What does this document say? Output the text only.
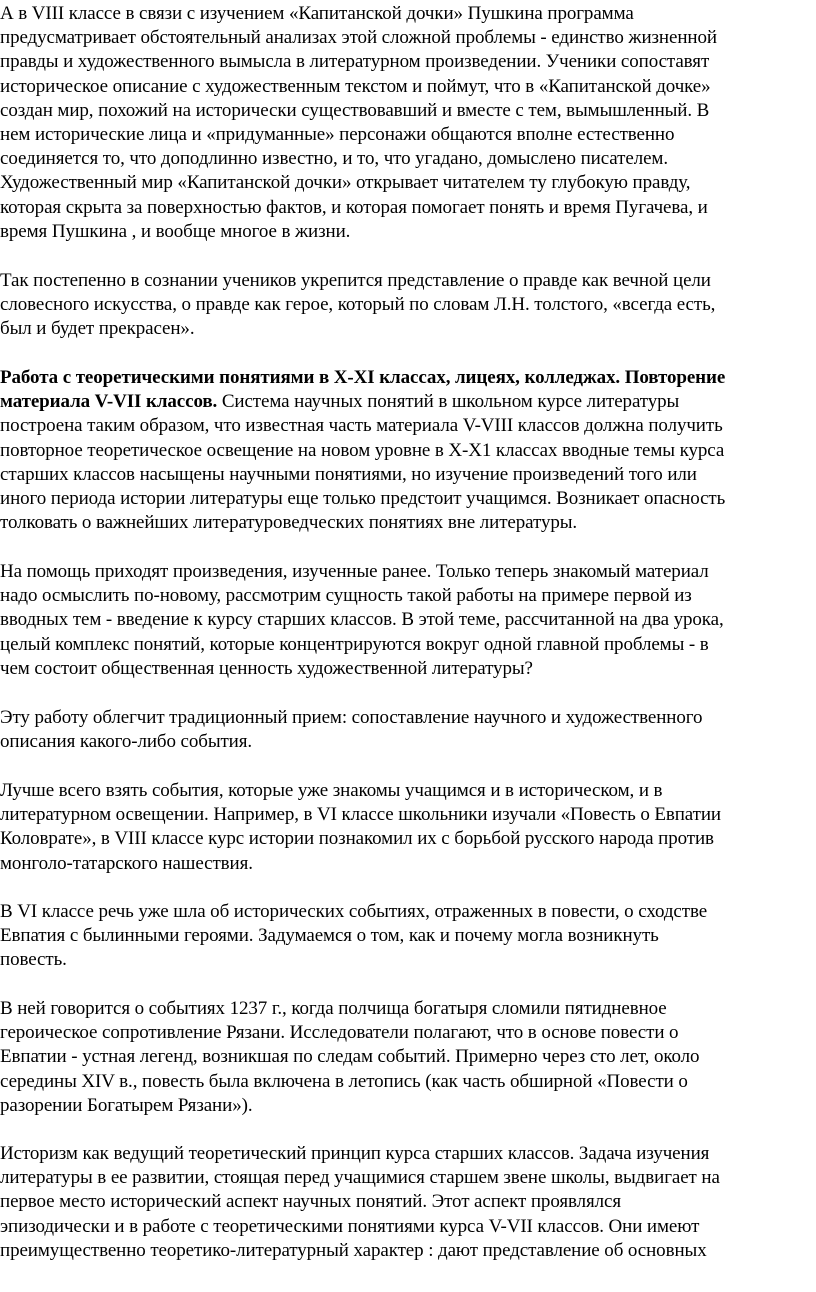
А в VIII классе в связи с изучением «Капитанской дочки» Пушкина программа
предусматривает обстоятельный анализах этой сложной проблемы - единство жизненной
правды и художественного вымысла в литературном произведении. Ученики сопоставят
историческое описание с художественным текстом и поймут, что в «Капитанской дочке»
создан мир, похожий на исторически существовавший и вместе с тем, вымышленный. В
нем исторические лица и «придуманные» персонажи общаются вполне естественно
соединяется то, что доподлинно известно, и то, что угадано, домыслено писателем.
Художественный мир «Капитанской дочки» открывает читателем ту глубокую правду,
которая скрыта за поверхностью фактов, и которая помогает понять и время Пугачева, и
время Пушкина , и вообще многое в жизни.

Так постепенно в сознании учеников укрепится представление о правде как вечной цели
словесного искусства, о правде как герое, который по словам Л.Н. толстого, «всегда есть,
был и будет прекрасен».

Работа с теоретическими понятиями в X-XI классах, лицеях, колледжах. Повторение
материала V-VII классов. Система научных понятий в школьном курсе литературы
построена таким образом, что известная часть материала V-VIII классов должна получить
повторное теоретическое освещение на новом уровне в X-X1 классах вводные темы курса
старших классов насыщены научными понятиями, но изучение произведений того или
иного периода истории литературы еще только предстоит учащимся. Возникает опасность
толковать о важнейших литературоведческих понятиях вне литературы.

На помощь приходят произведения, изученные ранее. Только теперь знакомый материал
надо осмыслить по-новому, рассмотрим сущность такой работы на примере первой из
вводных тем - введение к курсу старших классов. В этой теме, рассчитанной на два урока,
целый комплекс понятий, которые концентрируются вокруг одной главной проблемы - в
чем состоит общественная ценность художественной литературы?

Эту работу облегчит традиционный прием: сопоставление научного и художественного
описания какого-либо события.

Лучше всего взять события, которые уже знакомы учащимся и в историческом, и в
литературном освещении. Например, в VI классе школьники изучали «Повесть о Евпатии
Коловрате», в VIII классе курс истории познакомил их с борьбой русского народа против
монголо-татарского нашествия.

В VI классе речь уже шла об исторических событиях, отраженных в повести, о сходстве
Евпатия с былинными героями. Задумаемся о том, как и почему могла возникнуть
повесть.

В ней говорится о событиях 1237 г., когда полчища богатыря сломили пятидневное
героическое сопротивление Рязани. Исследователи полагают, что в основе повести о
Евпатии - устная легенд, возникшая по следам событий. Примерно через сто лет, около
середины XIV в., повесть была включена в летопись (как часть обширной «Повести о
разорении Богатырем Рязани»).

Историзм как ведущий теоретический принцип курса старших классов. Задача изучения
литературы в ее развитии, стоящая перед учащимися старшем звене школы, выдвигает на
первое место исторический аспект научных понятий. Этот аспект проявлялся
эпизодически и в работе с теоретическими понятиями курса V-VII классов. Они имеют
преимущественно теоретико-литературный характер : дают представление об основных
